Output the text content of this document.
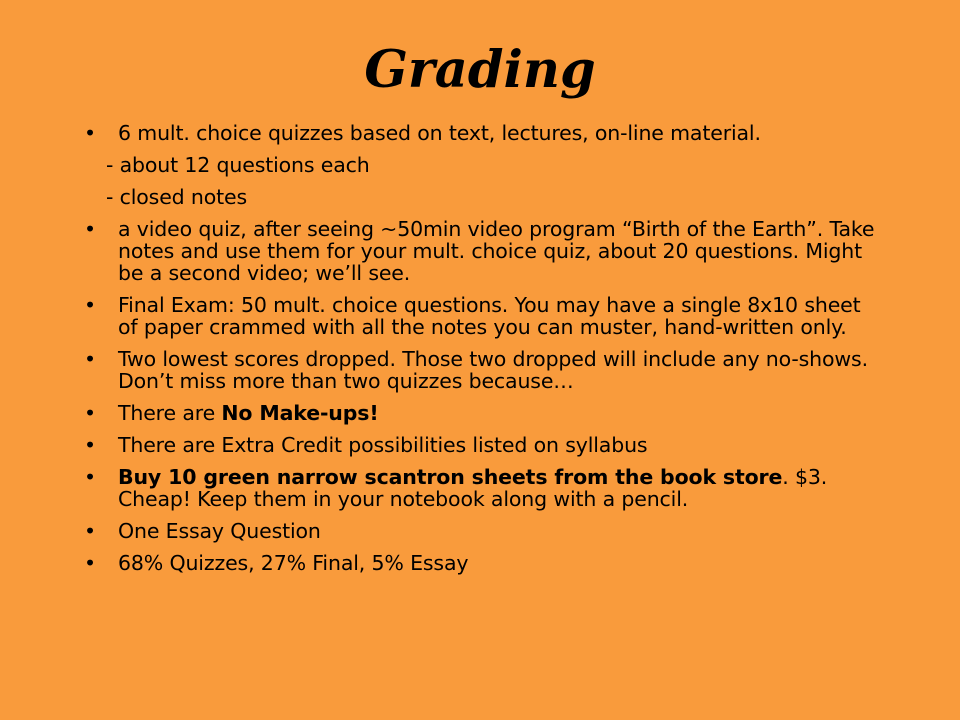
Grading
• 6 mult. choice quizzes based on text, lectures, on-line material.
- about 12 questions each
- closed notes
• a video quiz, after seeing ~50min video program “Birth of the Earth”. Take notes and use them for your mult. choice quiz, about 20 questions. Might be a second video; we’ll see.
• Final Exam: 50 mult. choice questions. You may have a single 8x10 sheet of paper crammed with all the notes you can muster, hand-written only.
• Two lowest scores dropped. Those two dropped will include any no-shows. Don’t miss more than two quizzes because…
• There are No Make-ups!
• There are Extra Credit possibilities listed on syllabus
• Buy 10 green narrow scantron sheets from the book store. $3. Cheap! Keep them in your notebook along with a pencil.
• One Essay Question
• 68% Quizzes, 27% Final, 5% Essay
